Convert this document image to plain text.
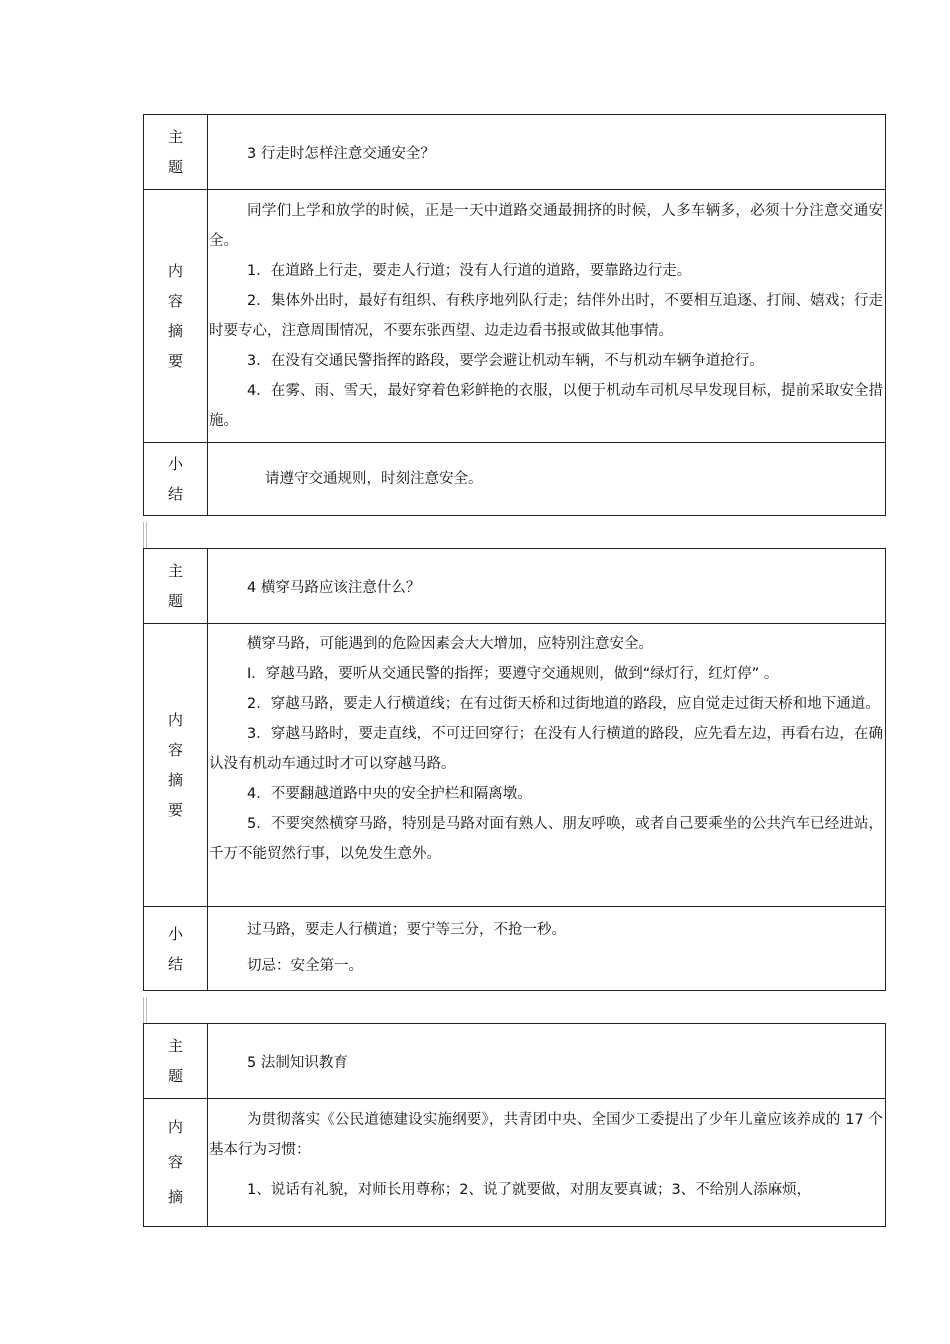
主
题
3 行走时怎样注意交通安全？
内
容
摘
要

同学们上学和放学的时候，正是一天中道路交通最拥挤的时候，人多车辆多，必须十分注意交通安全。

1．在道路上行走，要走人行道；没有人行道的道路，要靠路边行走。

2．集体外出时，最好有组织、有秩序地列队行走；结伴外出时，不要相互追逐、打闹、嬉戏；行走时要专心，注意周围情况，不要东张西望、边走边看书报或做其他事情。

3．在没有交通民警指挥的路段，要学会避让机动车辆，不与机动车辆争道抢行。

4．在雾、雨、雪天，最好穿着色彩鲜艳的衣服，以便于机动车司机尽早发现目标，提前采取安全措施。

小
结

请遵守交通规则，时刻注意安全。

主
题
4 横穿马路应该注意什么？
内
容
摘
要

横穿马路，可能遇到的危险因素会大大增加，应特别注意安全。

I．穿越马路，要听从交通民警的指挥；要遵守交通规则，做到“绿灯行，红灯停” 。

2．穿越马路，要走人行横道线；在有过街天桥和过街地道的路段，应自觉走过街天桥和地下通道。

3．穿越马路时，要走直线，不可迂回穿行；在没有人行横道的路段，应先看左边，再看右边，在确认没有机动车通过时才可以穿越马路。

4．不要翻越道路中央的安全护栏和隔离墩。

5．不要突然横穿马路，特别是马路对面有熟人、朋友呼唤，或者自己要乘坐的公共汽车已经进站，千万不能贸然行事，以免发生意外。

小
结

过马路，要走人行横道；要宁等三分，不抢一秒。

切忌：安全第一。

主
题
5 法制知识教育
内
容
摘

为贯彻落实《公民道德建设实施纲要》，共青团中央、全国少工委提出了少年儿童应该养成的 17 个基本行为习惯：

1、说话有礼貌，对师长用尊称；2、说了就要做，对朋友要真诚；3、不给别人添麻烦，
